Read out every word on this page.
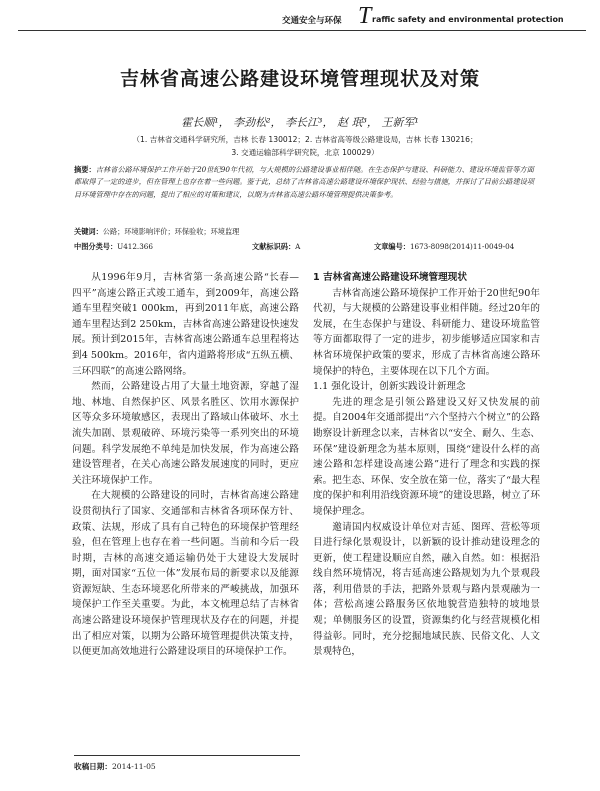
交通安全与环保 T raffic safety and environmental protection
吉林省高速公路建设环境管理现状及对策
霍长顺¹， 李劲松²， 李长江³， 赵 珉³， 王新军¹
（1. 吉林省交通科学研究所，吉林 长春 130012；2. 吉林省高等级公路建设局，吉林 长春 130216；
3. 交通运输部科学研究院，北京 100029）
摘要：吉林省公路环境保护工作开始于20世纪90年代初，与大规模的公路建设事业相伴随。在生态保护与建设、科研能力、建设环境监管等方面都取得了一定的进步，但在管理上也存在着一些问题。鉴于此，总结了吉林省高速公路建设环境保护现状、经验与措施，并探讨了目前公路建设项目环境管理中存在的问题，提出了相应的对策和建议，以期为吉林省高速公路环境管理提供决策参考。
关键词：公路；环境影响评价；环保验收；环境监理
中图分类号： U412.366	文献标识码： A	文章编号： 1673-8098(2014)11-0049-04

从1996年9月，吉林省第一条高速公路“长春—四平”高速公路正式竣工通车，到2009年，高速公路通车里程突破1 000km，再到2011年底，高速公路通车里程达到2 250km，吉林省高速公路建设快速发展。预计到2015年，吉林省高速公路通车总里程将达到4 500km。2016年，省内道路将形成“五纵五横、三环四联”的高速公路网络。

然而，公路建设占用了大量土地资源，穿越了湿地、林地、自然保护区、风景名胜区、饮用水源保护区等众多环境敏感区，表现出了路域山体破坏、水土流失加剧、景观破碎、环境污染等一系列突出的环境问题。科学发展绝不单纯是加快发展，作为高速公路建设管理者，在关心高速公路发展速度的同时，更应关注环境保护工作。

在大规模的公路建设的同时，吉林省高速公路建设贯彻执行了国家、交通部和吉林省各项环保方针、政策、法规，形成了具有自己特色的环境保护管理经验，但在管理上也存在着一些问题。当前和今后一段时期，吉林的高速交通运输仍处于大建设大发展时期，面对国家“五位一体”发展布局的新要求以及能源资源短缺、生态环境恶化所带来的严峻挑战，加强环境保护工作至关重要。为此，本文梳理总结了吉林省高速公路建设环境保护管理现状及存在的问题，并提出了相应对策，以期为公路环境管理提供决策支持，以便更加高效地进行公路建设项目的环境保护工作。

1 吉林省高速公路建设环境管理现状

吉林省高速公路环境保护工作开始于20世纪90年代初，与大规模的公路建设事业相伴随。经过20年的发展，在生态保护与建设、科研能力、建设环境监管等方面都取得了一定的进步，初步能够适应国家和吉林省环境保护政策的要求，形成了吉林省高速公路环境保护的特色，主要体现在以下几个方面。

1.1 强化设计，创新实践设计新理念

先进的理念是引领公路建设又好又快发展的前提。自2004年交通部提出“六个坚持六个树立”的公路勘察设计新理念以来，吉林省以“安全、耐久、生态、环保”建设新理念为基本原则，围绕“建设什么样的高速公路和怎样建设高速公路”进行了理念和实践的探索。把生态、环保、安全放在第一位，落实了“最大程度的保护和利用沿线资源环境”的建设思路，树立了环境保护理念。

邀请国内权威设计单位对吉延、图珲、营松等项目进行绿化景观设计，以新颖的设计推动建设理念的更新，使工程建设顺应自然，融入自然。如：根据沿线自然环境情况，将吉延高速公路规划为九个景观段落，利用借景的手法，把路外景观与路内景观融为一体；营松高速公路服务区依地貌营造独特的坡地景观；单侧服务区的设置，资源集约化与经营规模化相得益彰。同时，充分挖掘地域民族、民俗文化、人文景观特色，

收稿日期：2014-11-05
